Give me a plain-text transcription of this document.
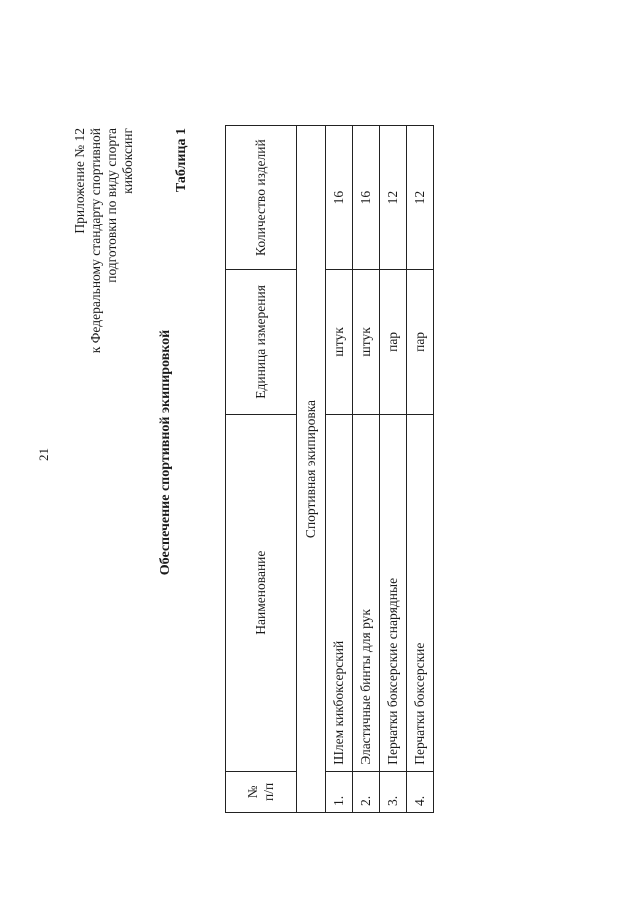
21
Приложение № 12 к Федеральному стандарту спортивной подготовки по виду спорта кикбоксинг	Таблица 1
Обеспечение спортивной экипировкой
№ п/п	Наименование	Единица измерения	Количество изделий
Спортивная экипировка			
1.	Шлем кикбоксерский	штук	16
2.	Эластичные бинты для рук	штук	16
3.	Перчатки боксерские снарядные	пар	12
4.	Перчатки боксерские	пар	12
